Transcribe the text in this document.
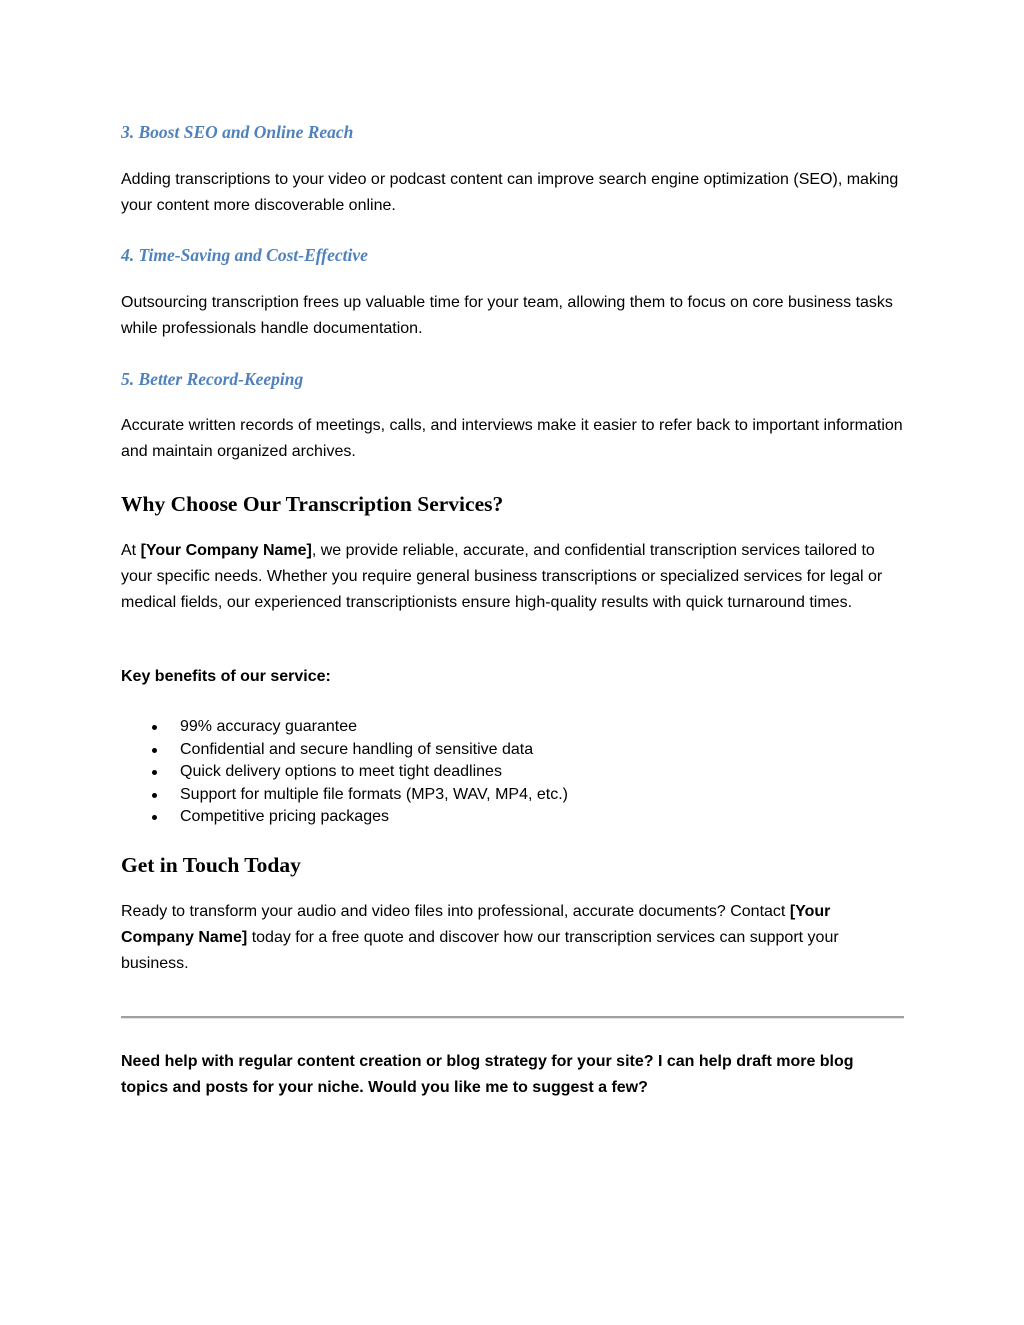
3. Boost SEO and Online Reach

Adding transcriptions to your video or podcast content can improve search engine optimization (SEO), making your content more discoverable online.

4. Time-Saving and Cost-Effective

Outsourcing transcription frees up valuable time for your team, allowing them to focus on core business tasks while professionals handle documentation.

5. Better Record-Keeping

Accurate written records of meetings, calls, and interviews make it easier to refer back to important information and maintain organized archives.

Why Choose Our Transcription Services?

At [Your Company Name], we provide reliable, accurate, and confidential transcription services tailored to your specific needs. Whether you require general business transcriptions or specialized services for legal or medical fields, our experienced transcriptionists ensure high-quality results with quick turnaround times.

Key benefits of our service:

99% accuracy guarantee
Confidential and secure handling of sensitive data
Quick delivery options to meet tight deadlines
Support for multiple file formats (MP3, WAV, MP4, etc.)
Competitive pricing packages
Get in Touch Today

Ready to transform your audio and video files into professional, accurate documents? Contact [Your Company Name] today for a free quote and discover how our transcription services can support your business.

Need help with regular content creation or blog strategy for your site? I can help draft more blog topics and posts for your niche. Would you like me to suggest a few?
